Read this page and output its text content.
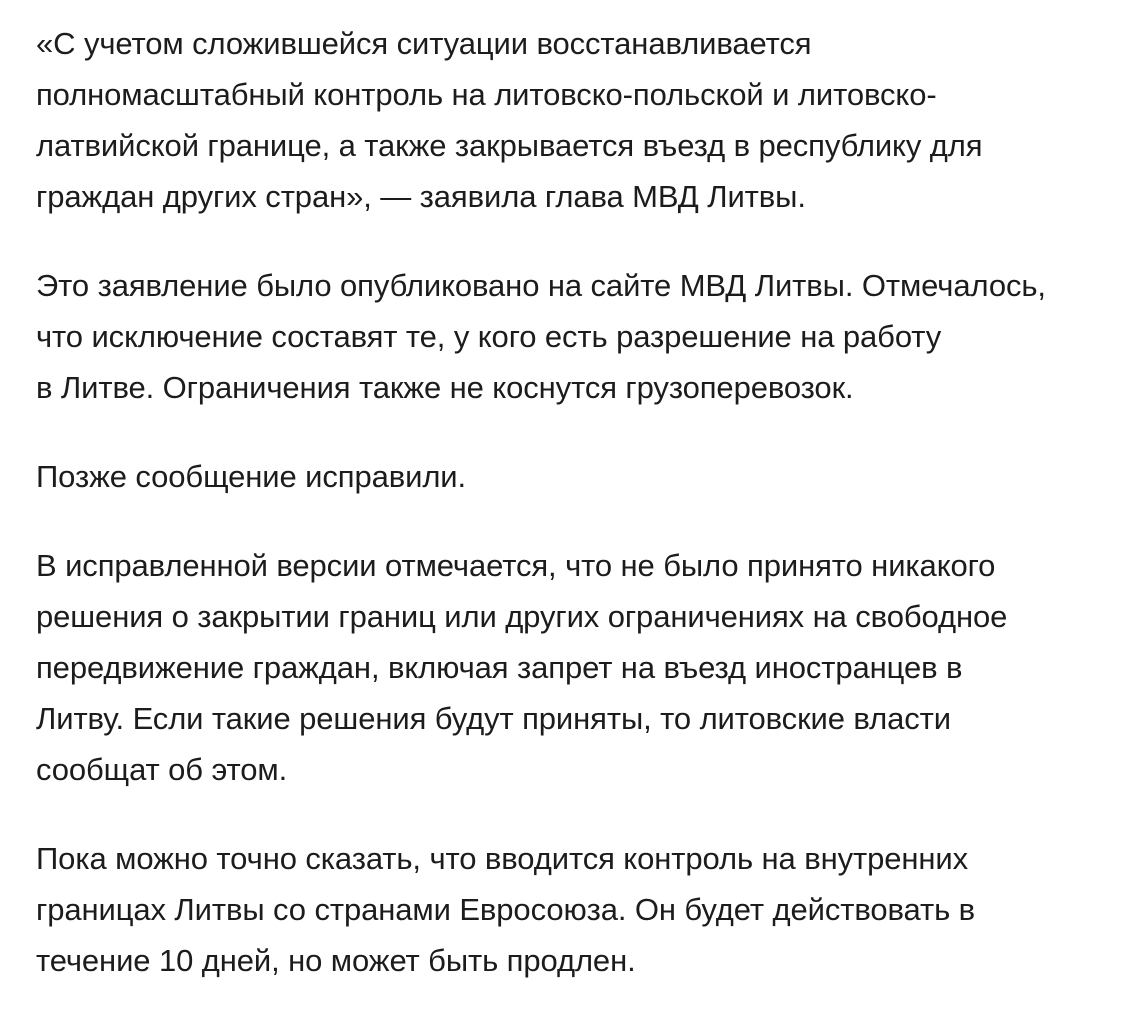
«С учетом сложившейся ситуации восстанавливается
полномасштабный контроль на литовско-польской и литовско-
латвийской границе, а также закрывается въезд в республику для
граждан других стран», — заявила глава МВД Литвы.

Это заявление было опубликовано на сайте МВД Литвы. Отмечалось,
что исключение составят те, у кого есть разрешение на работу
в Литве. Ограничения также не коснутся грузоперевозок.

Позже сообщение исправили.

В исправленной версии отмечается, что не было принято никакого
решения о закрытии границ или других ограничениях на свободное
передвижение граждан, включая запрет на въезд иностранцев в
Литву. Если такие решения будут приняты, то литовские власти
сообщат об этом.

Пока можно точно сказать, что вводится контроль на внутренних
границах Литвы со странами Евросоюза. Он будет действовать в
течение 10 дней, но может быть продлен.
